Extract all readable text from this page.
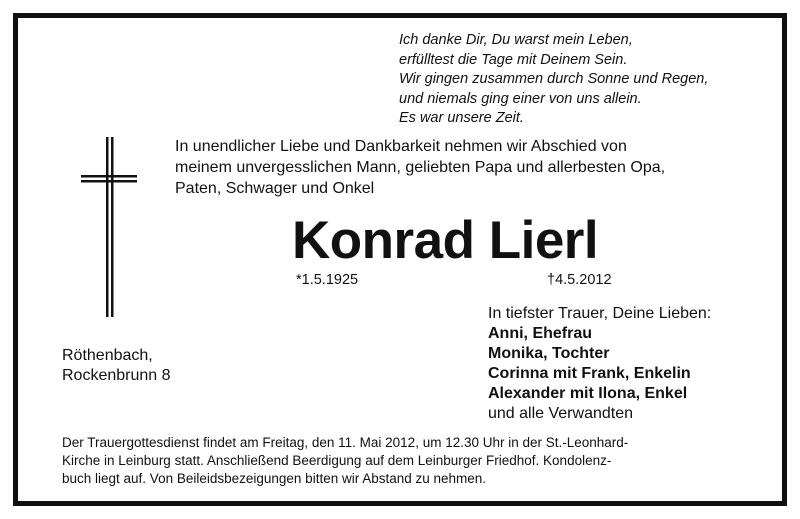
Ich danke Dir, Du warst mein Leben,
erfülltest die Tage mit Deinem Sein.
Wir gingen zusammen durch Sonne und Regen,
und niemals ging einer von uns allein.
Es war unsere Zeit.
In unendlicher Liebe und Dankbarkeit nehmen wir Abschied von
meinem unvergesslichen Mann, geliebten Papa und allerbesten Opa,
Paten, Schwager und Onkel
Konrad Lierl
*1.5.1925	†4.5.2012
In tiefster Trauer, Deine Lieben:
Anni, Ehefrau
Monika, Tochter
Corinna mit Frank, Enkelin
Alexander mit Ilona, Enkel
und alle Verwandten
Röthenbach,
Rockenbrunn 8
Der Trauergottesdienst findet am Freitag, den 11. Mai 2012, um 12.30 Uhr in der St.-Leonhard-
Kirche in Leinburg statt. Anschließend Beerdigung auf dem Leinburger Friedhof. Kondolenz-
buch liegt auf. Von Beileidsbezeigungen bitten wir Abstand zu nehmen.
